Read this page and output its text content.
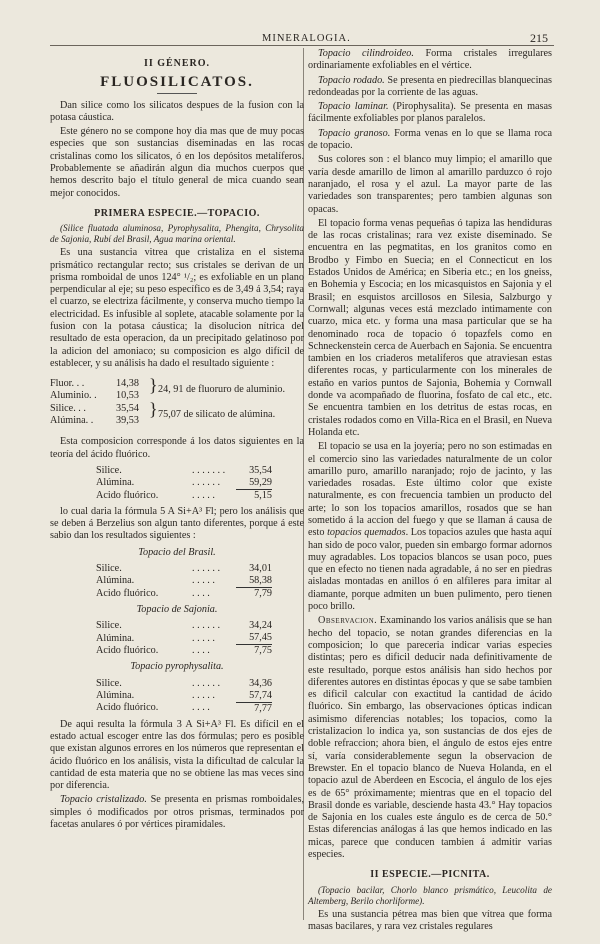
MINERALOGIA.	215
II GÉNERO.
FLUOSILICATOS.

Dan silice como los silicatos despues de la fusion con la potasa cáustica.

Este género no se compone hoy dia mas que de muy pocas especies que son sustancias diseminadas en las rocas cristalinas como los silicatos, ó en los depósitos metalíferos. Probablemente se añadirán algun dia muchos cuerpos que hemos descrito bajo el título general de mica cuando sean mejor conocidos.

PRIMERA ESPECIE.—TOPACIO.

(Silice fluatada aluminosa, Pyrophysalita, Phengita, Chrysolita de Sajonia, Rubí del Brasil, Agua marina oriental.

Es una sustancia vitrea que cristaliza en el sistema prismático rectangular recto; sus cristales se derivan de un prisma romboidal de unos 124° ¹/₂; es exfoliable en un plano perpendicular al eje; su peso específico es de 3,49 á 3,54; raya el cuarzo, se electriza fácilmente, y conserva mucho tiempo la electricidad. Es infusible al soplete, atacable solamente por la fusion con la potasa cáustica; la disolucion nítrica del resultado de esta operacion, da un precipitado gelatinoso por la adicion del amoniaco; su composicion es algo difícil de establecer, y su análisis ha dado el resultado siguiente :

Fluor. . .	14,38
Aluminio. . 10,53
Silice. . .	35,54
Alúmina. . 39,53
}
}
24, 91 de fluoruro de aluminio.
75,07 de silicato de alúmina.

Esta composicion corresponde á los datos siguientes en la teoría del ácido fluórico.

Silice.	. . . . . . .	35,54
Alúmina.	. . . . . .	59,29
Acido fluórico.	. . . . .	5,15

lo cual daria la fórmula 5 A Si+A³ Fl; pero los análisis que se deben á Berzelius son algun tanto diferentes, porque á este sabio dan los resultados siguientes :

Topacio del Brasil.
Silice.	. . . . . .	34,01
Alúmina.	. . . . .	58,38
Acido fluórico.	. . . .	7,79
Topacio de Sajonia.
Silice.	. . . . . .	34,24
Alúmina.	. . . . .	57,45
Acido fluórico.	. . . .	7,75
Topacio pyrophysalita.
Silice.	. . . . . .	34,36
Alúmina.	. . . . .	57,74
Acido fluórico.	. . . .	7,77

De aqui resulta la fórmula 3 A Si+A³ Fl. Es difícil en el estado actual escoger entre las dos fórmulas; pero es posible que existan algunos errores en los números que representan el ácido fluórico en los análisis, vista la dificultad de calcular la cantidad de esta materia que no se obtiene las mas veces sino por diferencia.

Topacio cristalizado. Se presenta en prismas romboidales, simples ó modificados por otros prismas, terminados por facetas anulares ó por vértices piramidales.

Topacio cilindroideo. Forma cristales irregulares ordinariamente exfoliables en el vértice.

Topacio rodado. Se presenta en piedrecillas blanquecinas redondeadas por la corriente de las aguas.

Topacio laminar. (Pirophysalita). Se presenta en masas fácilmente exfoliables por planos paralelos.

Topacio granoso. Forma venas en lo que se llama roca de topacio.

Sus colores son : el blanco muy limpio; el amarillo que varía desde amarillo de limon al amarillo parduzco ó rojo naranjado, el rosa y el azul. La mayor parte de las variedades son transparentes; pero tambien algunas son opacas.

El topacio forma venas pequeñas ó tapiza las hendiduras de las rocas cristalinas; rara vez existe diseminado. Se encuentra en las pegmatitas, en los granitos como en Brodbo y Fimbo en Suecia; en el Connecticut en los Estados Unidos de América; en Siberia etc.; en los gneiss, en Bohemia y Escocia; en los micasquistos en Sajonia y el Brasil; en esquistos arcillosos en Silesia, Salzburgo y Cornwall; algunas veces está mezclado intimamente con cuarzo, mica etc. y forma una masa particular que se ha denominado roca de topacio ó topazfels como en Schneckenstein cerca de Auerbach en Sajonia. Se encuentra tambien en los criaderos metalíferos que atraviesan estas diferentes rocas, y particularmente con los minerales de estaño en varios puntos de Sajonia, Bohemia y Cornwall donde va acompañado de fluorina, fosfato de cal etc., etc. Se encuentra tambien en los detritus de estas rocas, en cristales rodados como en Villa-Rica en el Brasil, en Nueva Holanda etc.

El topacio se usa en la joyería; pero no son estimadas en el comercio sino las variedades naturalmente de un color amarillo puro, amarillo naranjado; rojo de jacinto, y las variedades rosadas. Este último color que existe naturalmente, es con frecuencia tambien un producto del arte; lo son los topacios amarillos, rosados que se han sometido á la accion del fuego y que se llaman á causa de esto topacios quemados. Los topacios azules que hasta aquí han sido de poco valor, pueden sin embargo formar adornos muy agradables. Los topacios blancos se usan poco, pues que en efecto no tienen nada agradable, á no ser en piedras aisladas montadas en anillos ó en alfileres para imitar al diamante, porque admiten un buen pulimento, pero tienen poco brillo.

Observacion. Examinando los varios análisis que se han hecho del topacio, se notan grandes diferencias en la composicion; lo que pareceria indicar varias especies distintas; pero es dificil deducir nada definitivamente de este resultado, porque estos análisis han sido hechos por diferentes autores en distintas épocas y que se sabe tambien es dificil calcular con exactitud la cantidad de ácido fluórico. Sin embargo, las observaciones ópticas indican asimismo diferencias notables; los topacios, como la cristalizacion lo indica ya, son sustancias de dos ejes de doble refraccion; ahora bien, el ángulo de estos ejes entre sí, varía considerablemente segun la observacion de Brewster. En el topacio blanco de Nueva Holanda, en el topacio azul de Aberdeen en Escocia, el ángulo de los ejes es de 65° próximamente; mientras que en el topacio del Brasil donde es variable, desciende hasta 43.° Hay topacios de Sajonia en los cuales este ángulo es de cerca de 50.° Estas diferencias análogas á las que hemos indicado en las micas, parece que conducen tambien á admitir varias especies.

II ESPECIE.—PICNITA.

(Topacio bacilar, Chorlo blanco prismático, Leucolita de Altemberg, Berilo chorliforme).

Es una sustancia pétrea mas bien que vítrea que forma masas bacilares, y rara vez cristales regulares
